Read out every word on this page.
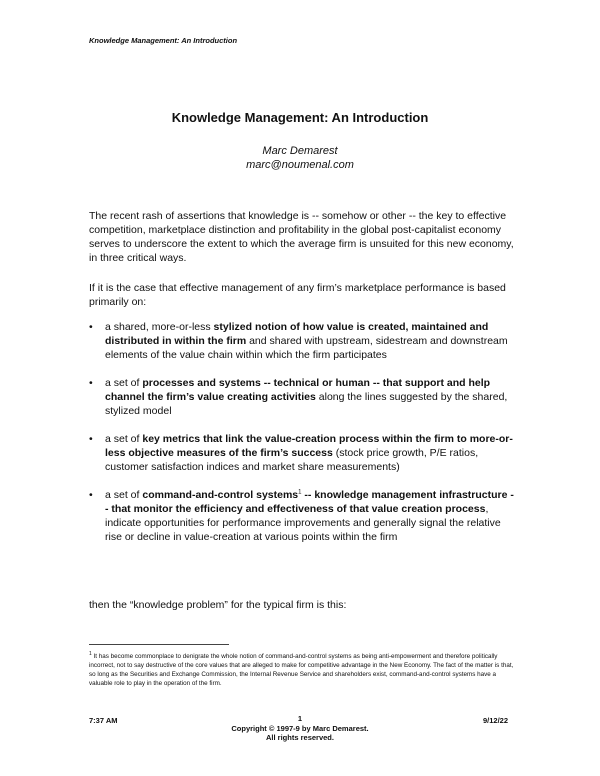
Knowledge Management: An Introduction
Knowledge Management: An Introduction
Marc Demarest
marc@noumenal.com
The recent rash of assertions that knowledge is -- somehow or other -- the key to effective competition, marketplace distinction and profitability in the global post-capitalist economy serves to underscore the extent to which the average firm is unsuited for this new economy, in three critical ways.
If it is the case that effective management of any firm’s marketplace performance is based primarily on:
• a shared, more-or-less stylized notion of how value is created, maintained and distributed in within the firm and shared with upstream, sidestream and downstream elements of the value chain within which the firm participates
• a set of processes and systems -- technical or human -- that support and help channel the firm’s value creating activities along the lines suggested by the shared, stylized model
• a set of key metrics that link the value-creation process within the firm to more-or-less objective measures of the firm’s success (stock price growth, P/E ratios, customer satisfaction indices and market share measurements)
• a set of command-and-control systems$^1$ -- knowledge management infrastructure -- that monitor the efficiency and effectiveness of that value creation process, indicate opportunities for performance improvements and generally signal the relative rise or decline in value-creation at various points within the firm
then the “knowledge problem” for the typical firm is this:
$^1$ It has become commonplace to denigrate the whole notion of command-and-control systems as being anti-empowerment and therefore politically incorrect, not to say destructive of the core values that are alleged to make for competitive advantage in the New Economy. The fact of the matter is that, so long as the Securities and Exchange Commission, the Internal Revenue Service and shareholders exist, command-and-control systems have a valuable role to play in the operation of the firm.
7:37 AM	1
Copyright © 1997-9 by Marc Demarest.
All rights reserved.
9/12/22
